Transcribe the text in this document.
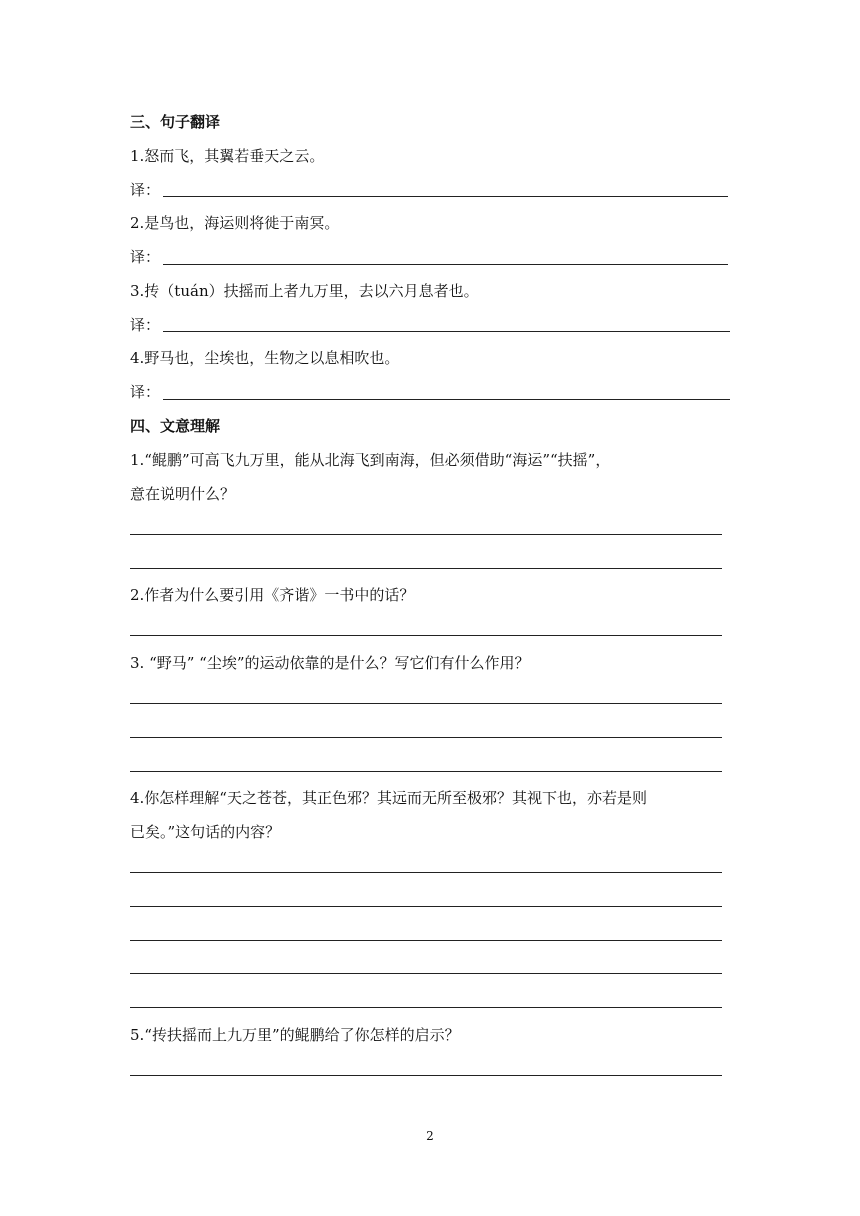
三、句子翻译
1.怒而飞，其翼若垂天之云。
译：
2.是鸟也，海运则将徙于南冥。
译：
3.抟（tuán）扶摇而上者九万里，去以六月息者也。
译：
4.野马也，尘埃也，生物之以息相吹也。
译：
四、文意理解
1.“鲲鹏”可高飞九万里，能从北海飞到南海，但必须借助“海运”“扶摇”，
意在说明什么？
2.作者为什么要引用《齐谐》一书中的话？
3. “野马” “尘埃”的运动依靠的是什么？写它们有什么作用？
4.你怎样理解“天之苍苍，其正色邪？其远而无所至极邪？其视下也，亦若是则
已矣。”这句话的内容？
5.“抟扶摇而上九万里”的鲲鹏给了你怎样的启示？
2
